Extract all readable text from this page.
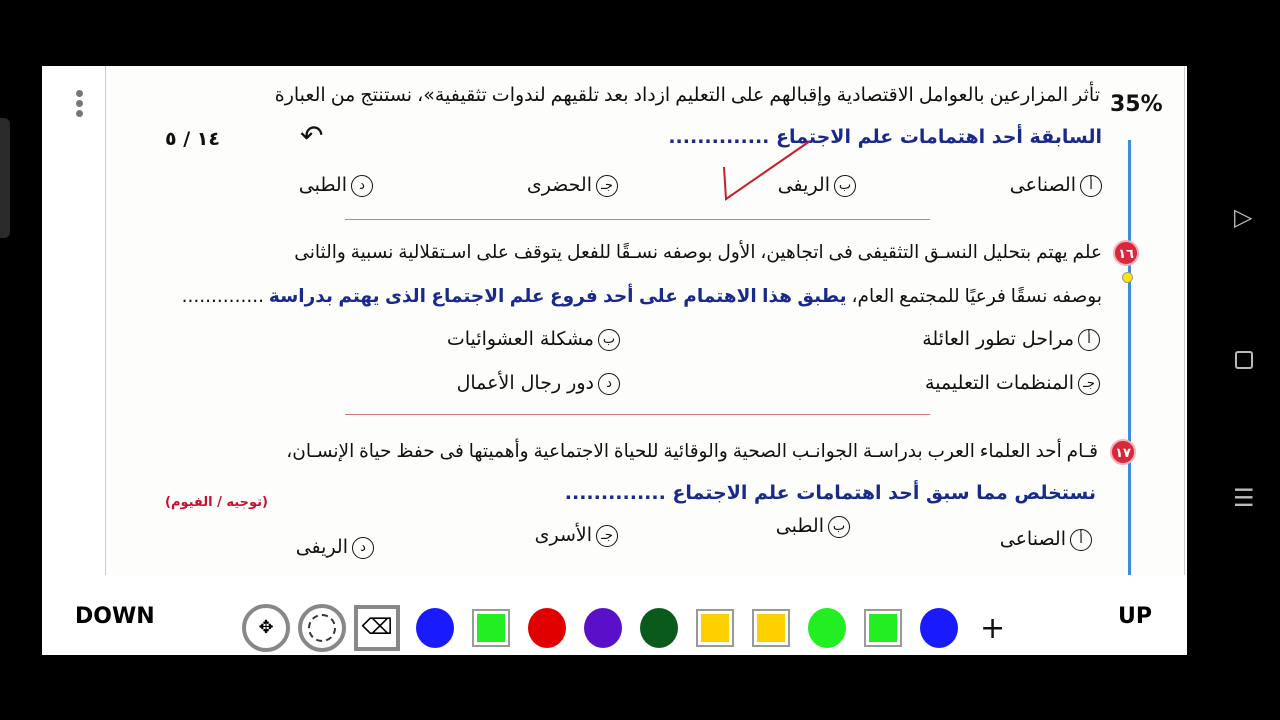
35%
١٤ / ٥	↶
تأثر المزارعين بالعوامل الاقتصادية وإقبالهم على التعليم ازداد بعد تلقيهم لندوات تثقيفية»، نستنتج من العبارة
السابقة أحد اهتمامات علم الاجتماع ..............
أالصناعى
بالريفى
جـالحضرى
دالطبى
١٦
علم يهتم بتحليل النسـق التثقيفى فى اتجاهين، الأول بوصفه نسـقًا للفعل يتوقف على اسـتقلالية نسبية والثانى
بوصفه نسقًا فرعيًا للمجتمع العام، يطبق هذا الاهتمام على أحد فروع علم الاجتماع الذى يهتم بدراسة ..............
أمراحل تطور العائلة
بمشكلة العشوائيات
جـالمنظمات التعليمية
ددور رجال الأعمال
١٧
قـام أحد العلماء العرب بدراسـة الجوانـب الصحية والوقائية للحياة الاجتماعية وأهميتها فى حفظ حياة الإنسـان،
نستخلص مما سبق أحد اهتمامات علم الاجتماع ..............
(توجيه / الفيوم)
أالصناعى
بالطبى
جـالأسرى
دالريفى
DOWN	UP
✥	⌫	+
▷
☰
